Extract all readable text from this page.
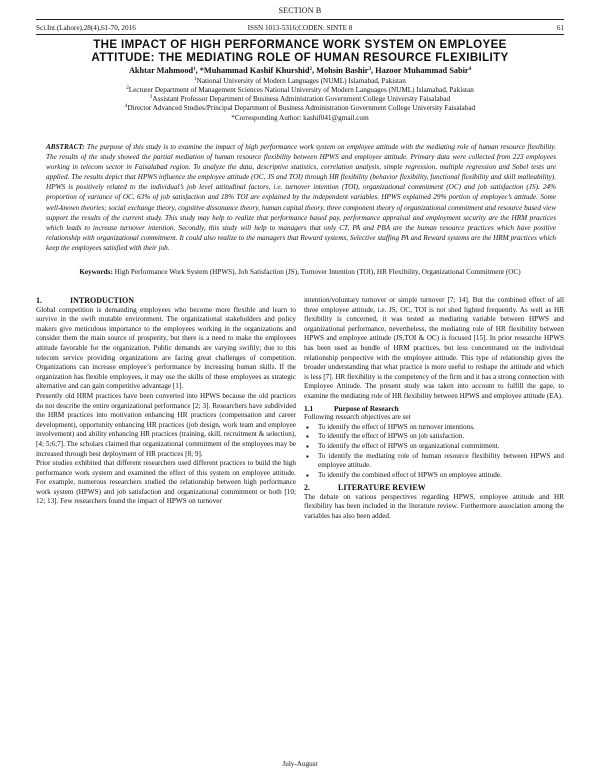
SECTION B
Sci.Int.(Lahore),28(4),61-70, 2016	ISSN 1013-5316;CODEN: SINTE 8	61
THE IMPACT OF HIGH PERFORMANCE WORK SYSTEM ON EMPLOYEE
ATTITUDE: THE MEDIATING ROLE OF HUMAN RESOURCE FLEXIBILITY
Akhtar Mahmood$^1$, *Muhammad Kashif Khurshid$^2$, Mohsin Bashir$^3$, Hazoor Muhammad Sabir$^4$
$^1$National University of Modern Languages (NUML) Islamabad, Pakistan
$^2$Lecturer Department of Management Sciences National University of Modern Languages (NUML) Islamabad, Pakistan
$^3$Assistant Professor Department of Business Administration Government College University Faisalabad
$^4$Director Advanced Studies/Principal Department of Business Administration Government College University Faisalabad
*Corresponding Author: kashif041@gmail.com
ABSTRACT: The purpose of this study is to examine the impact of high performance work system on employee attitude with the mediating role of human resource flexibility. The results of the study showed the partial mediation of human resource flexibility between HPWS and employee attitude. Primary data were collected from 223 employees working in telecom sector in Faisalabad region. To analyze the data, descriptive statistics, correlation analysis, simple regression, multiple regression and Sobel tests are applied. The results depict that HPWS influence the employee attitude (OC, JS and TOI) through HR flexibility (behavior flexibility, functional flexibility and skill malleability). HPWS is positively related to the individual’s job level attitudinal factors, i.e. turnover intention (TOI), organizational commitment (OC) and job satisfaction (JS). 24% proportion of variance of OC, 63% of job satisfaction and 18% TOI are explained by the independent variables. HPWS explained 29% portion of employee’s attitude. Some well-known theories; social exchange theory, cognitive dissonance theory, human capital theory, three component theory of organizational commitment and resource based view support the results of the current study. This study may help to realize that performance based pay, performance appraisal and employment security are the HRM practices which leads to increase turnover intention. Secondly, this study will help to managers that only CT, PA and PBA are the human resource practices which have positive relationship with organizational commitment. It could also realize to the managers that Reward systems, Selective staffing PA and Reward systems are the HRM practices which keep the employees satisfied with their job.
Keywords: High Performance Work System (HPWS), Job Satisfaction (JS), Turnover Intention (TOI), HR Flexibility, Organizational Commitment (OC)
1.	INTRODUCTION

Global competition is demanding employees who become more flexible and learn to survive in the swift mutable environment. The organizational stakeholders and policy makers give meticulous importance to the employees working in the organizations and consider them the main source of prosperity, but there is a need to make the employees attitude favorable for the organization. Public demands are varying swiftly; due to this telecom service providing organizations are facing great challenges of competition. Organizations can increase employee’s performance by increasing human skills. If the organization has flexible employees, it may use the skills of these employees as strategic alternative and can gain competitive advantage [1].

Presently old HRM practices have been converted into HPWS because the old practices do not describe the entire organizational performance [2; 3]. Researchers have subdivided the HRM practices into motivation enhancing HR practices (compensation and career development), opportunity enhancing HR practices (job design, work team and employee involvement) and ability enhancing HR practices (training, skill, recruitment & selection), [4; 5;6;7]. The scholars claimed that organizational commitment of the employees may be increased through best deployment of HR practices [8; 9].

Prior studies exhibited that different researchers used different practices to build the high performance work system and examined the effect of this system on employee attitude. For example, numerous researchers studied the relationship between high performance work system (HPWS) and job satisfaction and organizational commitment or both [10; 12; 13]. Few researchers found the impact of HPWS on turnover

intention/voluntary turnover or simple turnover [7; 14]. But the combined effect of all three employee attitude, i.e. JS, OC, TOI is not shed lighted frequently. As well as HR flexibility is concerned, it was tested as mediating variable between HPWS and organizational performance, nevertheless, the mediating role of HR flexibility between HPWS and employee attitude (JS,TOI & OC) is focused [15]. In prior researche HPWS has been used as bundle of HRM practices, but less concentrated on the individual relationship perspective with the employee attitude. This type of relationship gives the broader understanding that what practice is more useful to reshape the attitude and which is less [7]. HR flexibility is the competency of the firm and it has a strong connection with Employee Attitude. The present study was taken into account to fulfill the gape, to examine the mediating role of HR flexibility between HPWS and employee attitude (EA).

1.1	Purpose of Research

Following research objectives are set

▪ To identify the effect of HPWS on turnover intentions.
▪ To identify the effect of HPWS on job satisfaction.
▪ To identify the effect of HPWS on organizational commitment.
▪ To identify the mediating role of human resource flexibility between HPWS and employee attitude.
▪ To identify the combined effect of HPWS on employee attitude.
2.	LITERATURE REVIEW

The debate on various perspectives regarding HPWS, employee attitude and HR flexibility has been included in the literature review. Furthermore association among the variables has also been added.

July-August
